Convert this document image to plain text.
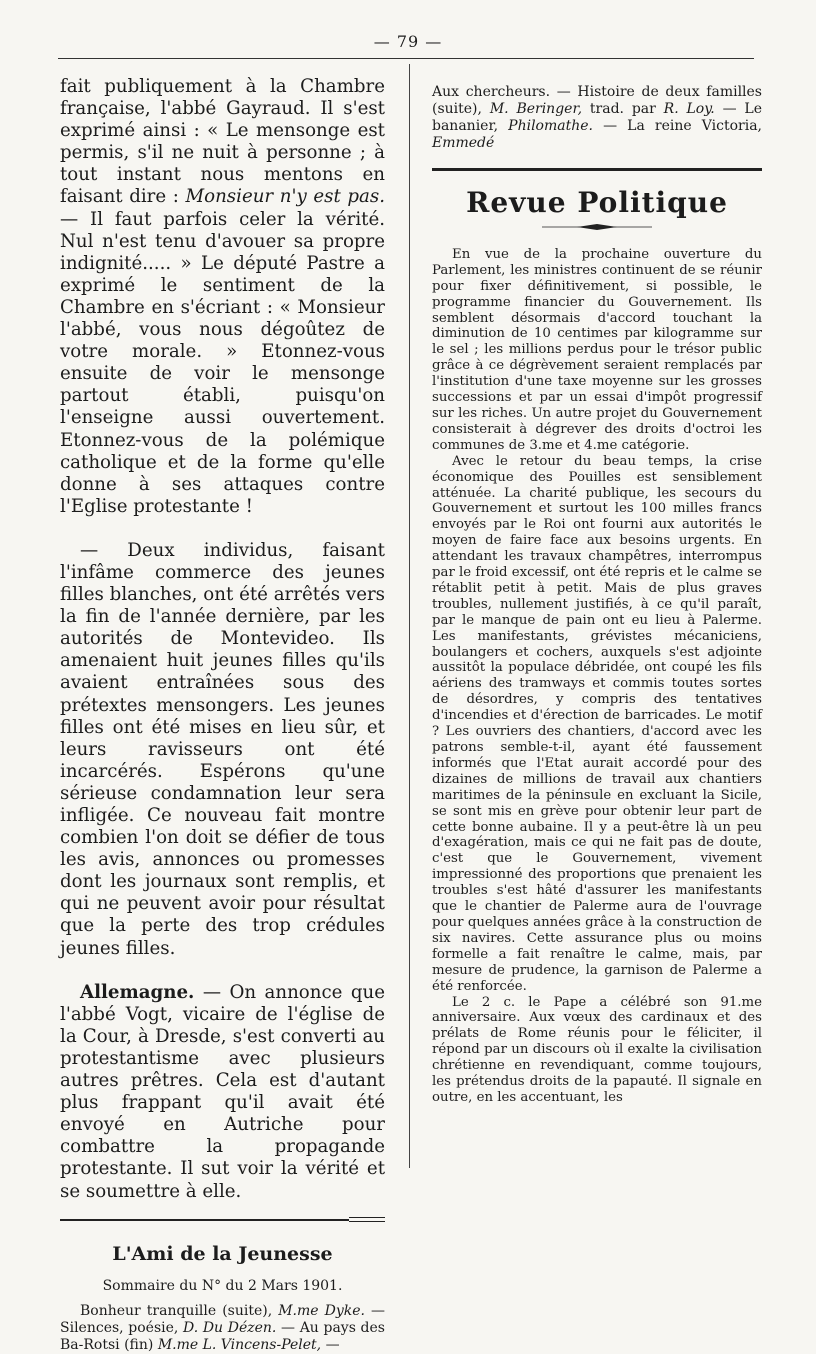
— 79 —

fait publiquement à la Chambre française, l'abbé Gayraud. Il s'est exprimé ainsi : « Le mensonge est permis, s'il ne nuit à personne ; à tout instant nous mentons en faisant dire : Monsieur n'y est pas. — Il faut parfois celer la vérité. Nul n'est tenu d'avouer sa propre indignité..... » Le député Pastre a exprimé le sentiment de la Chambre en s'écriant : « Monsieur l'abbé, vous nous dégoûtez de votre morale. » Etonnez-vous ensuite de voir le mensonge partout établi, puisqu'on l'enseigne aussi ouvertement. Etonnez-vous de la polémique catholique et de la forme qu'elle donne à ses attaques contre l'Eglise protestante !

— Deux individus, faisant l'infâme commerce des jeunes filles blanches, ont été arrêtés vers la fin de l'année dernière, par les autorités de Montevideo. Ils amenaient huit jeunes filles qu'ils avaient entraînées sous des prétextes mensongers. Les jeunes filles ont été mises en lieu sûr, et leurs ravisseurs ont été incarcérés. Espérons qu'une sérieuse condamnation leur sera infligée. Ce nouveau fait montre combien l'on doit se défier de tous les avis, annonces ou promesses dont les journaux sont remplis, et qui ne peuvent avoir pour résultat que la perte des trop crédules jeunes filles.

Allemagne. — On annonce que l'abbé Vogt, vicaire de l'église de la Cour, à Dresde, s'est converti au protestantisme avec plusieurs autres prêtres. Cela est d'autant plus frappant qu'il avait été envoyé en Autriche pour combattre la propagande protestante. Il sut voir la vérité et se soumettre à elle.

L'Ami de la Jeunesse
Sommaire du N° du 2 Mars 1901.

Bonheur tranquille (suite), M.me Dyke. — Silences, poésie, D. Du Dézen. — Au pays des Ba-Rotsi (fin) M.me L. Vincens-Pelet, —

Aux chercheurs. — Histoire de deux familles (suite), M. Beringer, trad. par R. Loy. — Le bananier, Philomathe. — La reine Victoria, Emmedé

Revue Politique

En vue de la prochaine ouverture du Parlement, les ministres continuent de se réunir pour fixer définitivement, si possible, le programme financier du Gouvernement. Ils semblent désormais d'accord touchant la diminution de 10 centimes par kilogramme sur le sel ; les millions perdus pour le trésor public grâce à ce dégrèvement seraient remplacés par l'institution d'une taxe moyenne sur les grosses successions et par un essai d'impôt progressif sur les riches. Un autre projet du Gouvernement consisterait à dégrever des droits d'octroi les communes de 3.me et 4.me catégorie.

Avec le retour du beau temps, la crise économique des Pouilles est sensiblement atténuée. La charité publique, les secours du Gouvernement et surtout les 100 milles francs envoyés par le Roi ont fourni aux autorités le moyen de faire face aux besoins urgents. En attendant les travaux champêtres, interrompus par le froid excessif, ont été repris et le calme se rétablit petit à petit. Mais de plus graves troubles, nullement justifiés, à ce qu'il paraît, par le manque de pain ont eu lieu à Palerme. Les manifestants, grévistes mécaniciens, boulangers et cochers, auxquels s'est adjointe aussitôt la populace débridée, ont coupé les fils aériens des tramways et commis toutes sortes de désordres, y compris des tentatives d'incendies et d'érection de barricades. Le motif ? Les ouvriers des chantiers, d'accord avec les patrons semble-t-il, ayant été faussement informés que l'Etat aurait accordé pour des dizaines de millions de travail aux chantiers maritimes de la péninsule en excluant la Sicile, se sont mis en grève pour obtenir leur part de cette bonne aubaine. Il y a peut-être là un peu d'exagération, mais ce qui ne fait pas de doute, c'est que le Gouvernement, vivement impressionné des proportions que prenaient les troubles s'est hâté d'assurer les manifestants que le chantier de Palerme aura de l'ouvrage pour quelques années grâce à la construction de six navires. Cette assurance plus ou moins formelle a fait renaître le calme, mais, par mesure de prudence, la garnison de Palerme a été renforcée.

Le 2 c. le Pape a célébré son 91.me anniversaire. Aux vœux des cardinaux et des prélats de Rome réunis pour le féliciter, il répond par un discours où il exalte la civilisation chrétienne en revendiquant, comme toujours, les prétendus droits de la papauté. Il signale en outre, en les accentuant, les
